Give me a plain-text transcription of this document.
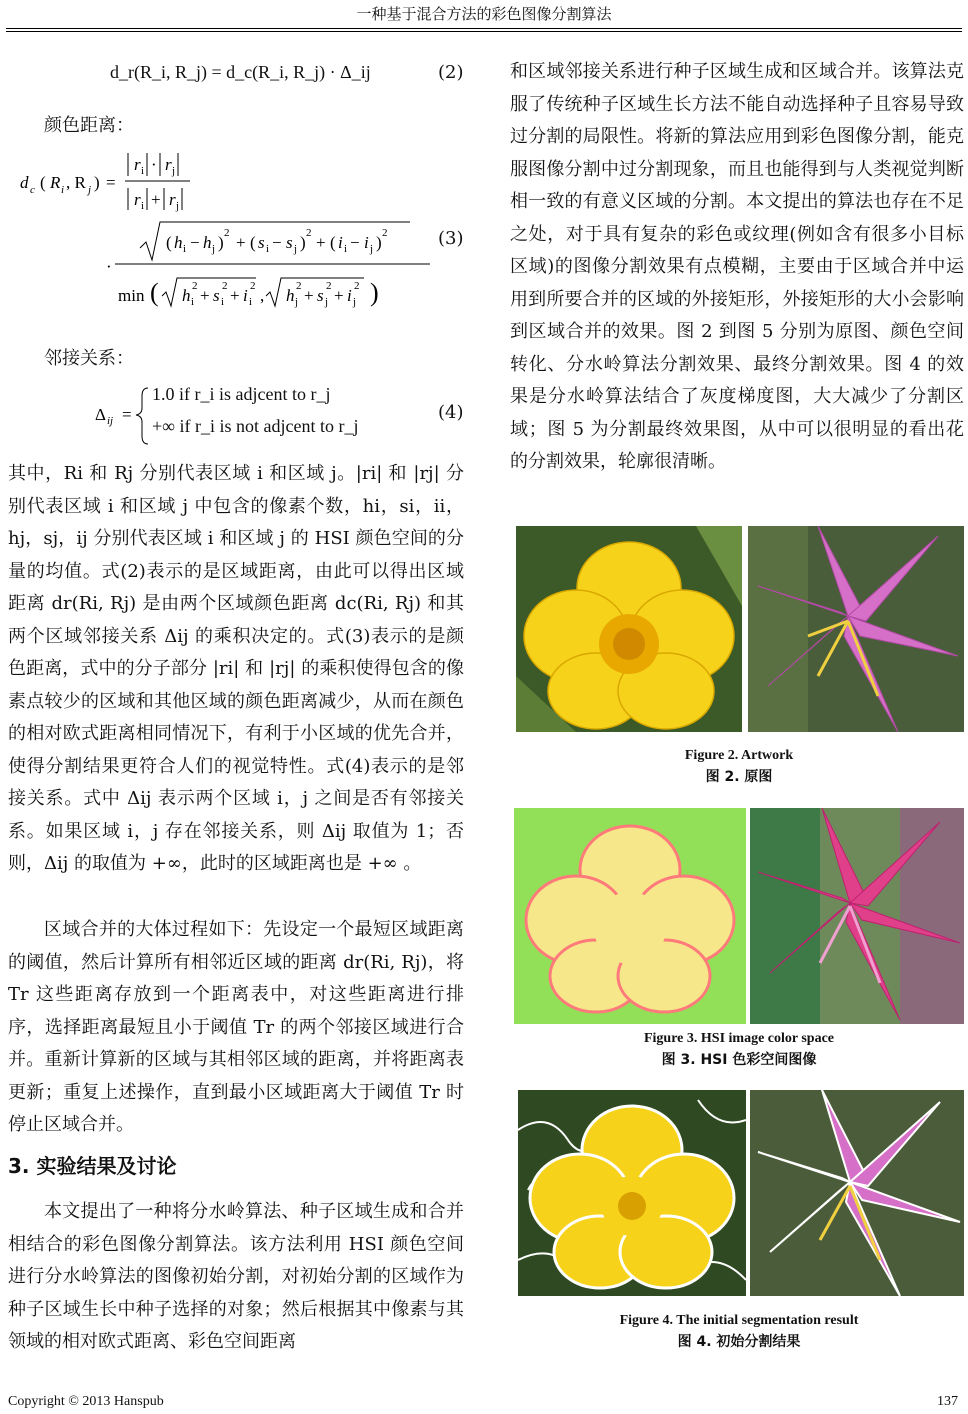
一种基于混合方法的彩色图像分割算法
d_r(R_i, R_j) = d_c(R_i, R_j) · Δ_ij	(2)
颜色距离：
d c ( R i , R j ) =
r i · r j
r i + r j
( h i − h j ) 2 + ( s i − s j ) 2 + ( i i − i j ) 2
·
min ( h i
2 + s i
2 + i i
2 , h j
2 + s j
2 + i j
2 )
(3)
邻接关系：
Δ ij =
1.0 if r_i is adjcent to r_j
+∞ if r_i is not adjcent to r_j
(4)
其中，Ri 和 Rj 分别代表区域 i 和区域 j。|ri| 和 |rj| 分别代表区域 i 和区域 j 中包含的像素个数，hi，si，ii，hj，sj，ij 分别代表区域 i 和区域 j 的 HSI 颜色空间的分量的均值。式(2)表示的是区域距离，由此可以得出区域距离 dr(Ri, Rj) 是由两个区域颜色距离 dc(Ri, Rj) 和其两个区域邻接关系 Δij 的乘积决定的。式(3)表示的是颜色距离，式中的分子部分 |ri| 和 |rj| 的乘积使得包含的像素点较少的区域和其他区域的颜色距离减少，从而在颜色的相对欧式距离相同情况下，有利于小区域的优先合并，使得分割结果更符合人们的视觉特性。式(4)表示的是邻接关系。式中 Δij 表示两个区域 i，j 之间是否有邻接关系。如果区域 i，j 存在邻接关系，则 Δij 取值为 1；否则，Δij 的取值为 +∞，此时的区域距离也是 +∞ 。
区域合并的大体过程如下：先设定一个最短区域距离的阈值，然后计算所有相邻近区域的距离 dr(Ri, Rj)，将 Tr 这些距离存放到一个距离表中，对这些距离进行排序，选择距离最短且小于阈值 Tr 的两个邻接区域进行合并。重新计算新的区域与其相邻区域的距离，并将距离表更新；重复上述操作，直到最小区域距离大于阈值 Tr 时停止区域合并。
3. 实验结果及讨论
本文提出了一种将分水岭算法、种子区域生成和合并相结合的彩色图像分割算法。该方法利用 HSI 颜色空间进行分水岭算法的图像初始分割，对初始分割的区域作为种子区域生长中种子选择的对象；然后根据其中像素与其领域的相对欧式距离、彩色空间距离
和区域邻接关系进行种子区域生成和区域合并。该算法克服了传统种子区域生长方法不能自动选择种子且容易导致过分割的局限性。将新的算法应用到彩色图像分割，能克服图像分割中过分割现象，而且也能得到与人类视觉判断相一致的有意义区域的分割。本文提出的算法也存在不足之处，对于具有复杂的彩色或纹理(例如含有很多小目标区域)的图像分割效果有点模糊，主要由于区域合并中运用到所要合并的区域的外接矩形，外接矩形的大小会影响到区域合并的效果。图 2 到图 5 分别为原图、颜色空间转化、分水岭算法分割效果、最终分割效果。图 4 的效果是分水岭算法结合了灰度梯度图，大大减少了分割区域；图 5 为分割最终效果图，从中可以很明显的看出花的分割效果，轮廓很清晰。
Figure 2. Artwork
图 2. 原图
Figure 3. HSI image color space
图 3. HSI 色彩空间图像
Figure 4. The initial segmentation result
图 4. 初始分割结果
Copyright © 2013 Hanspub	137
